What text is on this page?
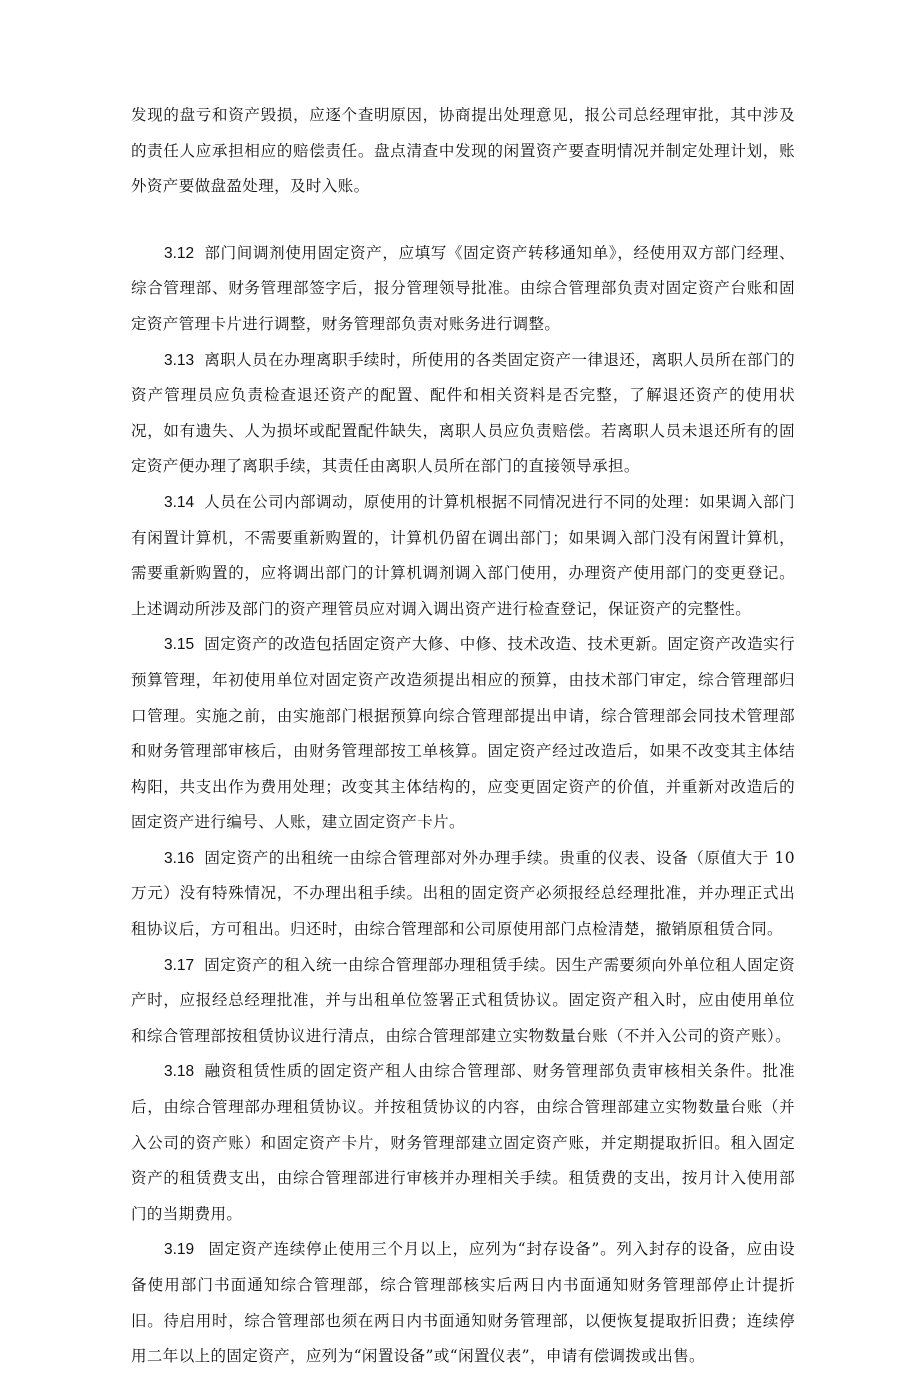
发现的盘亏和资产毁损，应逐个查明原因，协商提出处理意见，报公司总经理审批，其中涉及的责任人应承担相应的赔偿责任。盘点清查中发现的闲置资产要查明情况并制定处理计划，账外资产要做盘盈处理，及时入账。

3.12 部门间调剂使用固定资产，应填写《固定资产转移通知单》，经使用双方部门经理、综合管理部、财务管理部签字后，报分管理领导批准。由综合管理部负责对固定资产台账和固定资产管理卡片进行调整，财务管理部负责对账务进行调整。

3.13 离职人员在办理离职手续时，所使用的各类固定资产一律退还，离职人员所在部门的资产管理员应负责检查退还资产的配置、配件和相关资料是否完整，了解退还资产的使用状况，如有遗失、人为损坏或配置配件缺失，离职人员应负责赔偿。若离职人员未退还所有的固定资产便办理了离职手续，其责任由离职人员所在部门的直接领导承担。

3.14 人员在公司内部调动，原使用的计算机根据不同情况进行不同的处理：如果调入部门有闲置计算机，不需要重新购置的，计算机仍留在调出部门；如果调入部门没有闲置计算机，需要重新购置的，应将调出部门的计算机调剂调入部门使用，办理资产使用部门的变更登记。上述调动所涉及部门的资产理管员应对调入调出资产进行检查登记，保证资产的完整性。

3.15 固定资产的改造包括固定资产大修、中修、技术改造、技术更新。固定资产改造实行预算管理，年初使用单位对固定资产改造须提出相应的预算，由技术部门审定，综合管理部归口管理。实施之前，由实施部门根据预算向综合管理部提出申请，综合管理部会同技术管理部和财务管理部审核后，由财务管理部按工单核算。固定资产经过改造后，如果不改变其主体结构阳，共支出作为费用处理；改变其主体结构的，应变更固定资产的价值，并重新对改造后的固定资产进行编号、人账，建立固定资产卡片。

3.16 固定资产的出租统一由综合管理部对外办理手续。贵重的仪表、设备（原值大于 10 万元）没有特殊情况，不办理出租手续。出租的固定资产必须报经总经理批准，并办理正式出租协议后，方可租出。归还时，由综合管理部和公司原使用部门点检清楚，撤销原租赁合同。

3.17 固定资产的租入统一由综合管理部办理租赁手续。因生产需要须向外单位租人固定资产时，应报经总经理批准，并与出租单位签署正式租赁协议。固定资产租入时，应由使用单位和综合管理部按租赁协议进行清点，由综合管理部建立实物数量台账（不并入公司的资产账）。

3.18 融资租赁性质的固定资产租人由综合管理部、财务管理部负责审核相关条件。批准后，由综合管理部办理租赁协议。并按租赁协议的内容，由综合管理部建立实物数量台账（并入公司的资产账）和固定资产卡片，财务管理部建立固定资产账，并定期提取折旧。租入固定资产的租赁费支出，由综合管理部进行审核并办理相关手续。租赁费的支出，按月计入使用部门的当期费用。

3.19 固定资产连续停止使用三个月以上，应列为“封存设备”。列入封存的设备，应由设备使用部门书面通知综合管理部，综合管理部核实后两日内书面通知财务管理部停止计提折旧。待启用时，综合管理部也须在两日内书面通知财务管理部，以便恢复提取折旧费；连续停用二年以上的固定资产，应列为“闲置设备”或“闲置仪表”，申请有偿调拨或出售。
